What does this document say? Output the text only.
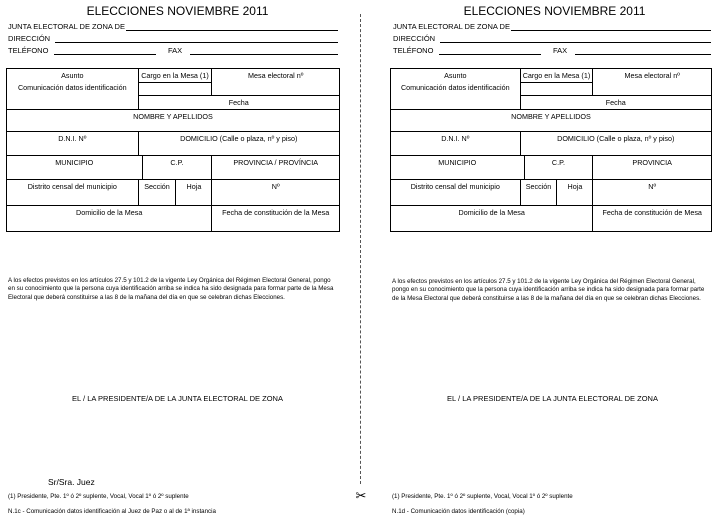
ELECCIONES NOVIEMBRE 2011
JUNTA ELECTORAL DE ZONA DE
DIRECCIÓN
TELÉFONO	FAX
Asunto	Cargo en la Mesa (1)			Mesa electoral nº
Comunicación datos identificación				
	Fecha			
NOMBRE Y APELLIDOS				
D.N.I. Nº	DOMICILIO (Calle o plaza, nº y piso)			
MUNICIPIO		C.P.		PROVINCIA / PROVÍNCIA
Distrito censal del municipio	Sección		Hoja	Nº
Domicilio de la Mesa				Fecha de constitución de la Mesa
A los efectos previstos en los artículos 27.5 y 101.2 de la vigente Ley Orgánica del Régimen Electoral General, pongo
en su conocimiento que la persona cuya identificación arriba se indica ha sido designada para formar parte de la Mesa
Electoral que deberá constituirse a las 8 de la mañana del día en que se celebran dichas Elecciones.
EL / LA PRESIDENTE/A DE LA JUNTA ELECTORAL DE ZONA
Sr/Sra. Juez
(1) Presidente, Pte. 1º ó 2º suplente, Vocal, Vocal 1º ó 2º suplente
N.1c - Comunicación datos identificación al Juez de Paz o al de 1ª instancia
✂
ELECCIONES NOVIEMBRE 2011
JUNTA ELECTORAL DE ZONA DE
DIRECCIÓN
TELÉFONO	FAX
Asunto	Cargo en la Mesa (1)			Mesa electoral nº
Comunicación datos identificación				
	Fecha			
NOMBRE Y APELLIDOS				
D.N.I. Nº	DOMICILIO (Calle o plaza, nº y piso)			
MUNICIPIO		C.P.		PROVINCIA
Distrito censal del municipio	Sección		Hoja	Nº
Domicilio de la Mesa				Fecha de constitución de Mesa
A los efectos previstos en los artículos 27.5 y 101.2 de la vigente Ley Orgánica del Régimen Electoral General,
pongo en su conocimiento que la persona cuya identificación arriba se indica ha sido designada para formar parte
de la Mesa Electoral que deberá constituirse a las 8 de la mañana del día en que se celebran dichas Elecciones.
EL / LA PRESIDENTE/A DE LA JUNTA ELECTORAL DE ZONA
(1) Presidente, Pte. 1º ó 2º suplente, Vocal, Vocal 1º ó 2º suplente
N.1d - Comunicación datos identificación (copia)
